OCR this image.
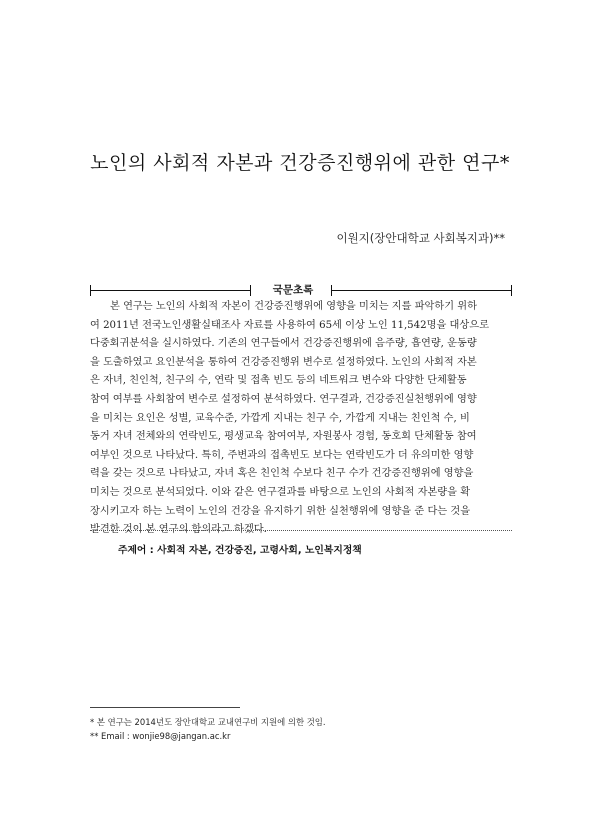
노인의 사회적 자본과 건강증진행위에 관한 연구*
이원지(장안대학교 사회복지과)**
국문초록
본 연구는 노인의 사회적 자본이 건강증진행위에 영향을 미치는 지를 파악하기 위하
여 2011년 전국노인생활실태조사 자료를 사용하여 65세 이상 노인 11,542명을 대상으로
다중회귀분석을 실시하였다. 기존의 연구들에서 건강증진행위에 음주량, 흡연량, 운동량
을 도출하였고 요인분석을 통하여 건강증진행위 변수로 설정하였다. 노인의 사회적 자본
은 자녀, 친인척, 친구의 수, 연락 및 접촉 빈도 등의 네트워크 변수와 다양한 단체활동
참여 여부를 사회참여 변수로 설정하여 분석하였다. 연구결과, 건강증진실천행위에 영향
을 미치는 요인은 성별, 교육수준, 가깝게 지내는 친구 수, 가깝게 지내는 친인척 수, 비
동거 자녀 전체와의 연락빈도, 평생교육 참여여부, 자원봉사 경험, 동호회 단체활동 참여
여부인 것으로 나타났다. 특히, 주변과의 접촉빈도 보다는 연락빈도가 더 유의미한 영향
력을 갖는 것으로 나타났고, 자녀 혹은 친인척 수보다 친구 수가 건강증진행위에 영향을
미치는 것으로 분석되었다. 이와 같은 연구결과를 바탕으로 노인의 사회적 자본량을 확
장시키고자 하는 노력이 노인의 건강을 유지하기 위한 실천행위에 영향을 준 다는 것을
발견한 것이 본 연구의 함의라고 하겠다.
주제어 : 사회적 자본, 건강증진, 고령사회, 노인복지정책
* 본 연구는 2014년도 장안대학교 교내연구비 지원에 의한 것임.
** Email : wonjie98@jangan.ac.kr
